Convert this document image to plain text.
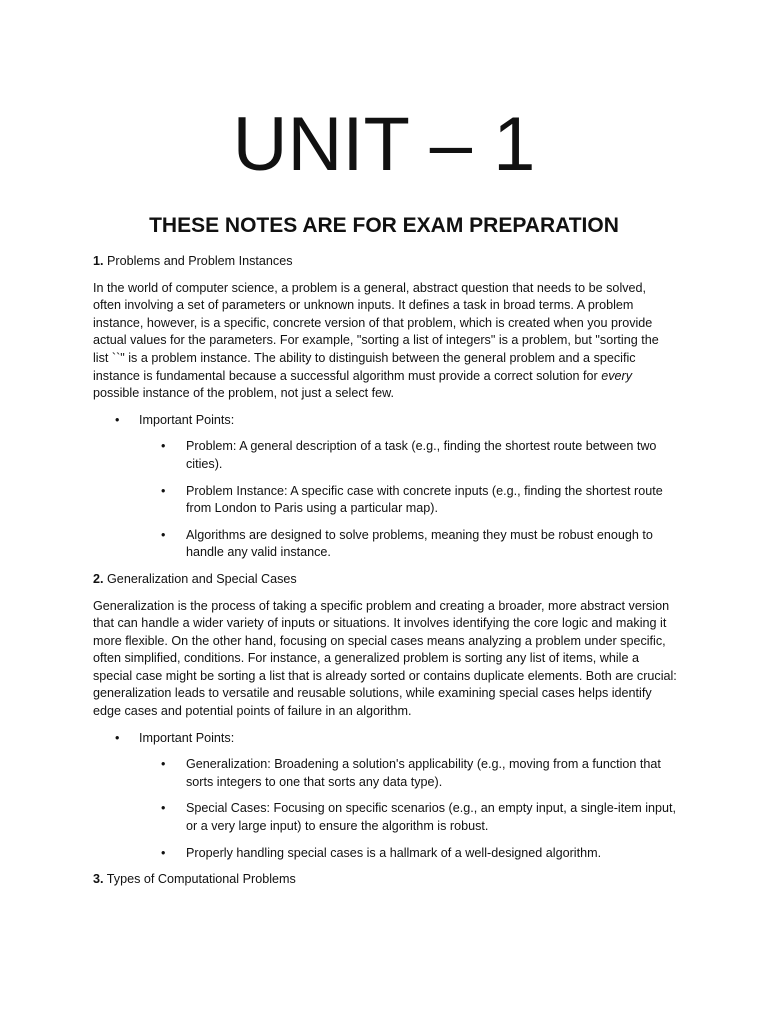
UNIT – 1
THESE NOTES ARE FOR EXAM PREPARATION

1. Problems and Problem Instances

In the world of computer science, a problem is a general, abstract question that needs to be solved, often involving a set of parameters or unknown inputs. It defines a task in broad terms. A problem instance, however, is a specific, concrete version of that problem, which is created when you provide actual values for the parameters. For example, "sorting a list of integers" is a problem, but "sorting the list ``" is a problem instance. The ability to distinguish between the general problem and a specific instance is fundamental because a successful algorithm must provide a correct solution for every possible instance of the problem, not just a select few.

• Important Points:
• Problem: A general description of a task (e.g., finding the shortest route between two cities).
• Problem Instance: A specific case with concrete inputs (e.g., finding the shortest route from London to Paris using a particular map).
• Algorithms are designed to solve problems, meaning they must be robust enough to handle any valid instance.

2. Generalization and Special Cases

Generalization is the process of taking a specific problem and creating a broader, more abstract version that can handle a wider variety of inputs or situations. It involves identifying the core logic and making it more flexible. On the other hand, focusing on special cases means analyzing a problem under specific, often simplified, conditions. For instance, a generalized problem is sorting any list of items, while a special case might be sorting a list that is already sorted or contains duplicate elements. Both are crucial: generalization leads to versatile and reusable solutions, while examining special cases helps identify edge cases and potential points of failure in an algorithm.

• Important Points:
• Generalization: Broadening a solution's applicability (e.g., moving from a function that sorts integers to one that sorts any data type).
• Special Cases: Focusing on specific scenarios (e.g., an empty input, a single-item input, or a very large input) to ensure the algorithm is robust.
• Properly handling special cases is a hallmark of a well-designed algorithm.

3. Types of Computational Problems
